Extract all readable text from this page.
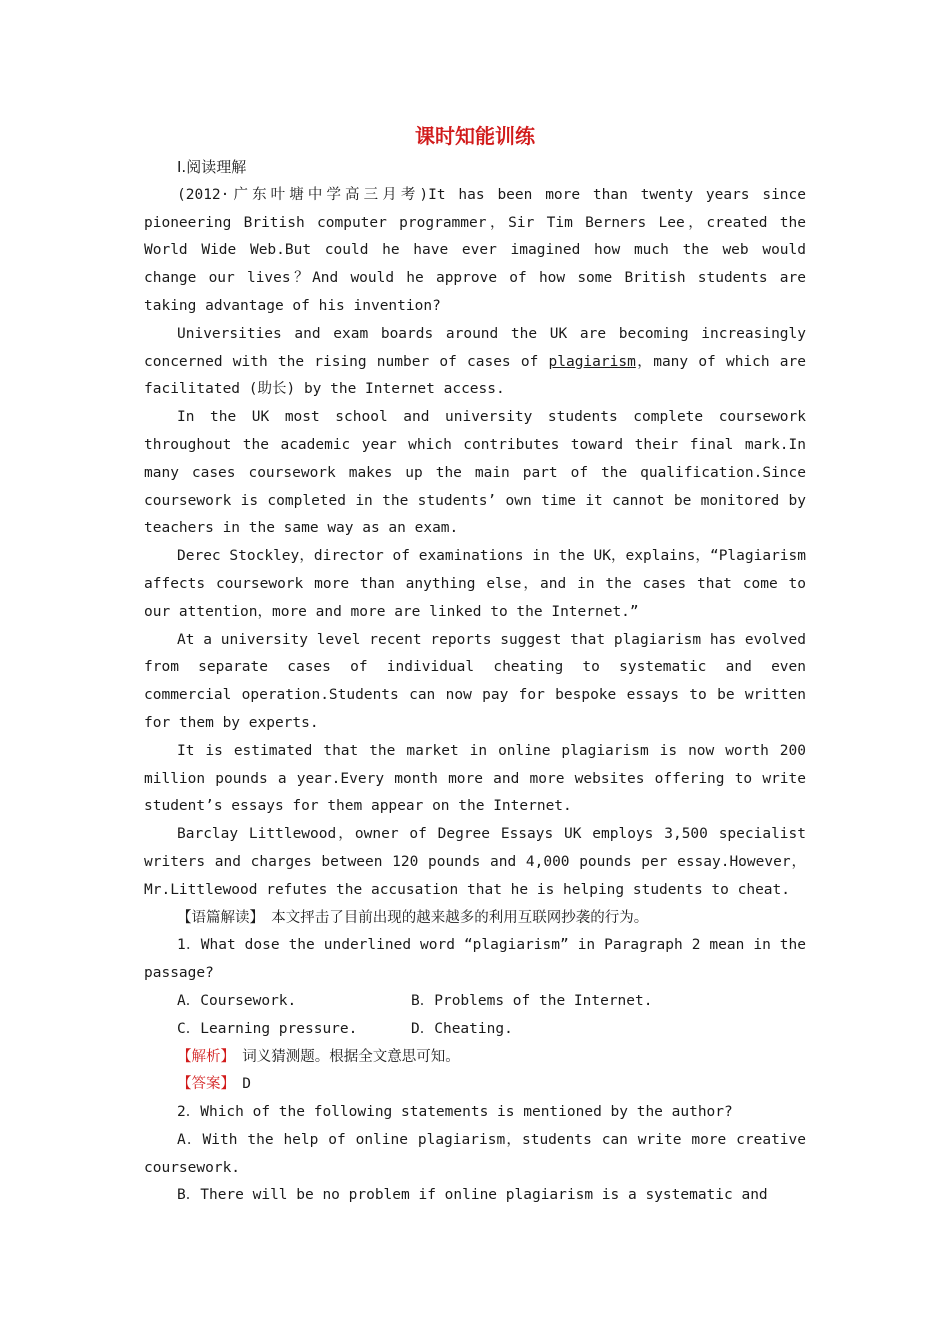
课时知能训练
Ⅰ.阅读理解

(2012·广东叶塘中学高三月考)It has been more than twenty years since pioneering British computer programmer，Sir Tim Berners Lee，created the World Wide Web.But could he have ever imagined how much the web would change our lives？And would he approve of how some British students are taking advantage of his invention?

Universities and exam boards around the UK are becoming increasingly concerned with the rising number of cases of plagiarism，many of which are facilitated (助长) by the Internet access.

In the UK most school and university students complete coursework throughout the academic year which contributes toward their final mark.In many cases coursework makes up the main part of the qualification.Since coursework is completed in the students’ own time it cannot be monitored by teachers in the same way as an exam.

Derec Stockley，director of examinations in the UK，explains，“Plagiarism affects coursework more than anything else，and in the cases that come to our attention，more and more are linked to the Internet.”

At a university level recent reports suggest that plagiarism has evolved from separate cases of individual cheating to systematic and even commercial operation.Students can now pay for bespoke essays to be written for them by experts.

It is estimated that the market in online plagiarism is now worth 200 million pounds a year.Every month more and more websites offering to write student’s essays for them appear on the Internet.

Barclay Littlewood，owner of Degree Essays UK employs 3,500 specialist writers and charges between 120 pounds and 4,000 pounds per essay.However，Mr.Littlewood refutes the accusation that he is helping students to cheat.

【语篇解读】　本文抨击了目前出现的越来越多的利用互联网抄袭的行为。

1．What dose the underlined word “plagiarism” in Paragraph 2 mean in the passage?

A．Coursework.	B．Problems of the Internet.
C．Learning pressure.	D．Cheating.

【解析】　词义猜测题。根据全文意思可知。

【答案】　D

2．Which of the following statements is mentioned by the author?

A．With the help of online plagiarism，students can write more creative coursework.

B．There will be no problem if online plagiarism is a systematic and
